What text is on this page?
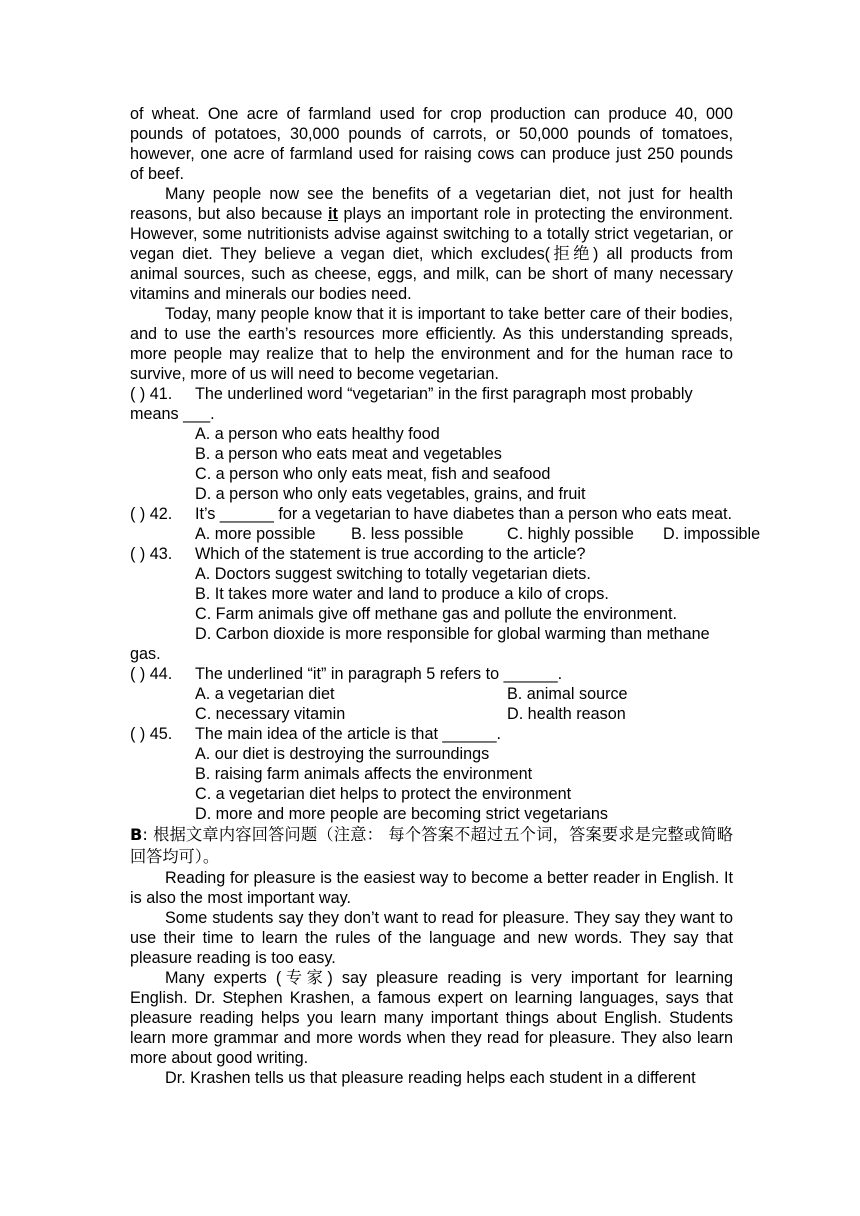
of wheat. One acre of farmland used for crop production can produce 40, 000 pounds of potatoes, 30,000 pounds of carrots, or 50,000 pounds of tomatoes, however, one acre of farmland used for raising cows can produce just 250 pounds of beef.
Many people now see the benefits of a vegetarian diet, not just for health reasons, but also because it plays an important role in protecting the environment. However, some nutritionists advise against switching to a totally strict vegetarian, or vegan diet. They believe a vegan diet, which excludes(拒绝) all products from animal sources, such as cheese, eggs, and milk, can be short of many necessary vitamins and minerals our bodies need.
Today, many people know that it is important to take better care of their bodies, and to use the earth’s resources more efficiently. As this understanding spreads, more people may realize that to help the environment and for the human race to survive, more of us will need to become vegetarian.
( ) 41.	The underlined word “vegetarian” in the first paragraph most probably
means ___.
A. a person who eats healthy food
B. a person who eats meat and vegetables
C. a person who only eats meat, fish and seafood
D. a person who only eats vegetables, grains, and fruit
( ) 42.	It’s ______ for a vegetarian to have diabetes than a person who eats meat.
A. more possible B. less possible	C. highly possible D. impossible
( ) 43.	Which of the statement is true according to the article?
A. Doctors suggest switching to totally vegetarian diets.
B. It takes more water and land to produce a kilo of crops.
C. Farm animals give off methane gas and pollute the environment.
D. Carbon dioxide is more responsible for global warming than methane
gas.
( ) 44.	The underlined “it” in paragraph 5 refers to ______.
A. a vegetarian diet	B. animal source
C. necessary vitamin	D. health reason
( ) 45.	The main idea of the article is that ______.
A. our diet is destroying the surroundings
B. raising farm animals affects the environment
C. a vegetarian diet helps to protect the environment
D. more and more people are becoming strict vegetarians
B: 根据文章内容回答问题（注意： 每个答案不超过五个词，答案要求是完整或简略回答均可）。
Reading for pleasure is the easiest way to become a better reader in English. It is also the most important way.
Some students say they don’t want to read for pleasure. They say they want to use their time to learn the rules of the language and new words. They say that pleasure reading is too easy.
Many experts (专家) say pleasure reading is very important for learning English. Dr. Stephen Krashen, a famous expert on learning languages, says that pleasure reading helps you learn many important things about English. Students learn more grammar and more words when they read for pleasure. They also learn more about good writing.
Dr. Krashen tells us that pleasure reading helps each student in a different
